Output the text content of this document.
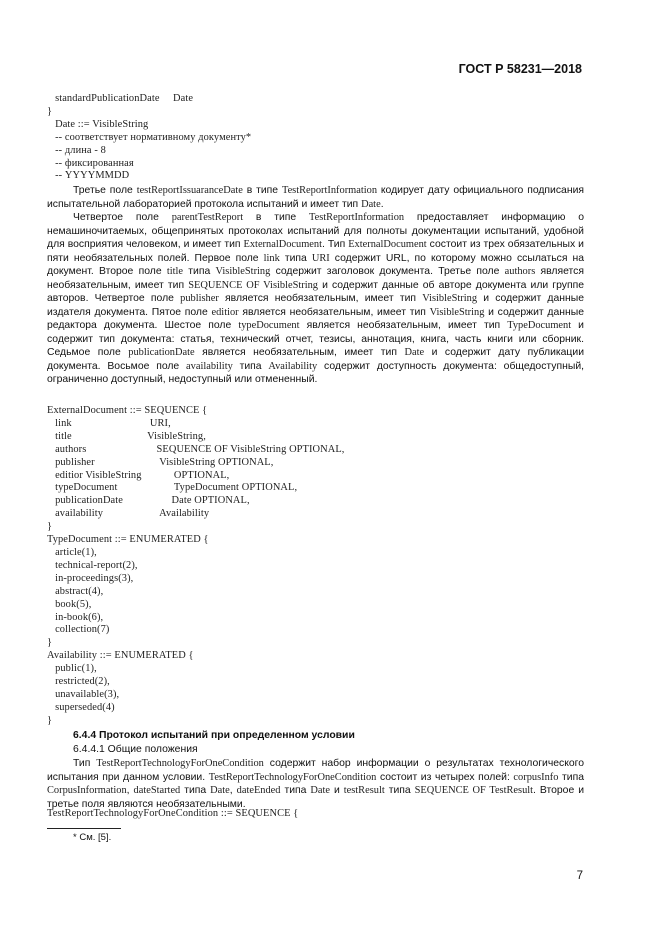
ГОСТ Р 58231—2018
standardPublicationDate     Date
}
Date ::= VisibleString
-- соответствует нормативному документу*
-- длина - 8
-- фиксированная
-- YYYYMMDD

Третье поле testReportIssuaranceDate в типе TestReportInformation кодирует дату официального подписания испытательной лабораторией протокола испытаний и имеет тип Date.

Четвертое поле parentTestReport в типе TestReportInformation предоставляет информацию о немашиночитаемых, общепринятых протоколах испытаний для полноты документации испытаний, удобной для восприятия человеком, и имеет тип ExternalDocument. Тип ExternalDocument состоит из трех обязательных и пяти необязательных полей. Первое поле link типа URI содержит URL, по которому можно ссылаться на документ. Второе поле title типа VisibleString содержит заголовок документа. Третье поле authors является необязательным, имеет тип SEQUENCE OF VisibleString и содержит данные об авторе документа или группе авторов. Четвертое поле publisher является необязательным, имеет тип VisibleString и содержит данные издателя документа. Пятое поле editior является необязательным, имеет тип VisibleString и содержит данные редактора документа. Шестое поле typeDocument является необязательным, имеет тип TypeDocument и содержит тип документа: статья, технический отчет, тезисы, аннотация, книга, часть книги или сборник. Седьмое поле publicationDate является необязательным, имеет тип Date и содержит дату публикации документа. Восьмое поле availability типа Availability содержит доступность документа: общедоступный, ограниченно доступный, недоступный или отмененный.

ExternalDocument ::= SEQUENCE {
link                             URI,
title                            VisibleString,
authors                          SEQUENCE OF VisibleString OPTIONAL,
publisher                        VisibleString OPTIONAL,
editior VisibleString            OPTIONAL,
typeDocument                     TypeDocument OPTIONAL,
publicationDate                  Date OPTIONAL,
availability                     Availability
}
TypeDocument ::= ENUMERATED {
article(1),
technical-report(2),
in-proceedings(3),
abstract(4),
book(5),
in-book(6),
collection(7)
}
Availability ::= ENUMERATED {
public(1),
restricted(2),
unavailable(3),
superseded(4)
}

6.4.4 Протокол испытаний при определенном условии
6.4.4.1 Общие положения

Тип TestReportTechnologyForOneCondition содержит набор информации о результатах технологического испытания при данном условии. TestReportTechnologyForOneCondition состоит из четырех полей: corpusInfo типа CorpusInformation, dateStarted типа Date, dateEnded типа Date и testResult типа SEQUENCE OF TestResult. Второе и третье поля являются необязательными.

TestReportTechnologyForOneCondition ::= SEQUENCE {
* См. [5].
7
